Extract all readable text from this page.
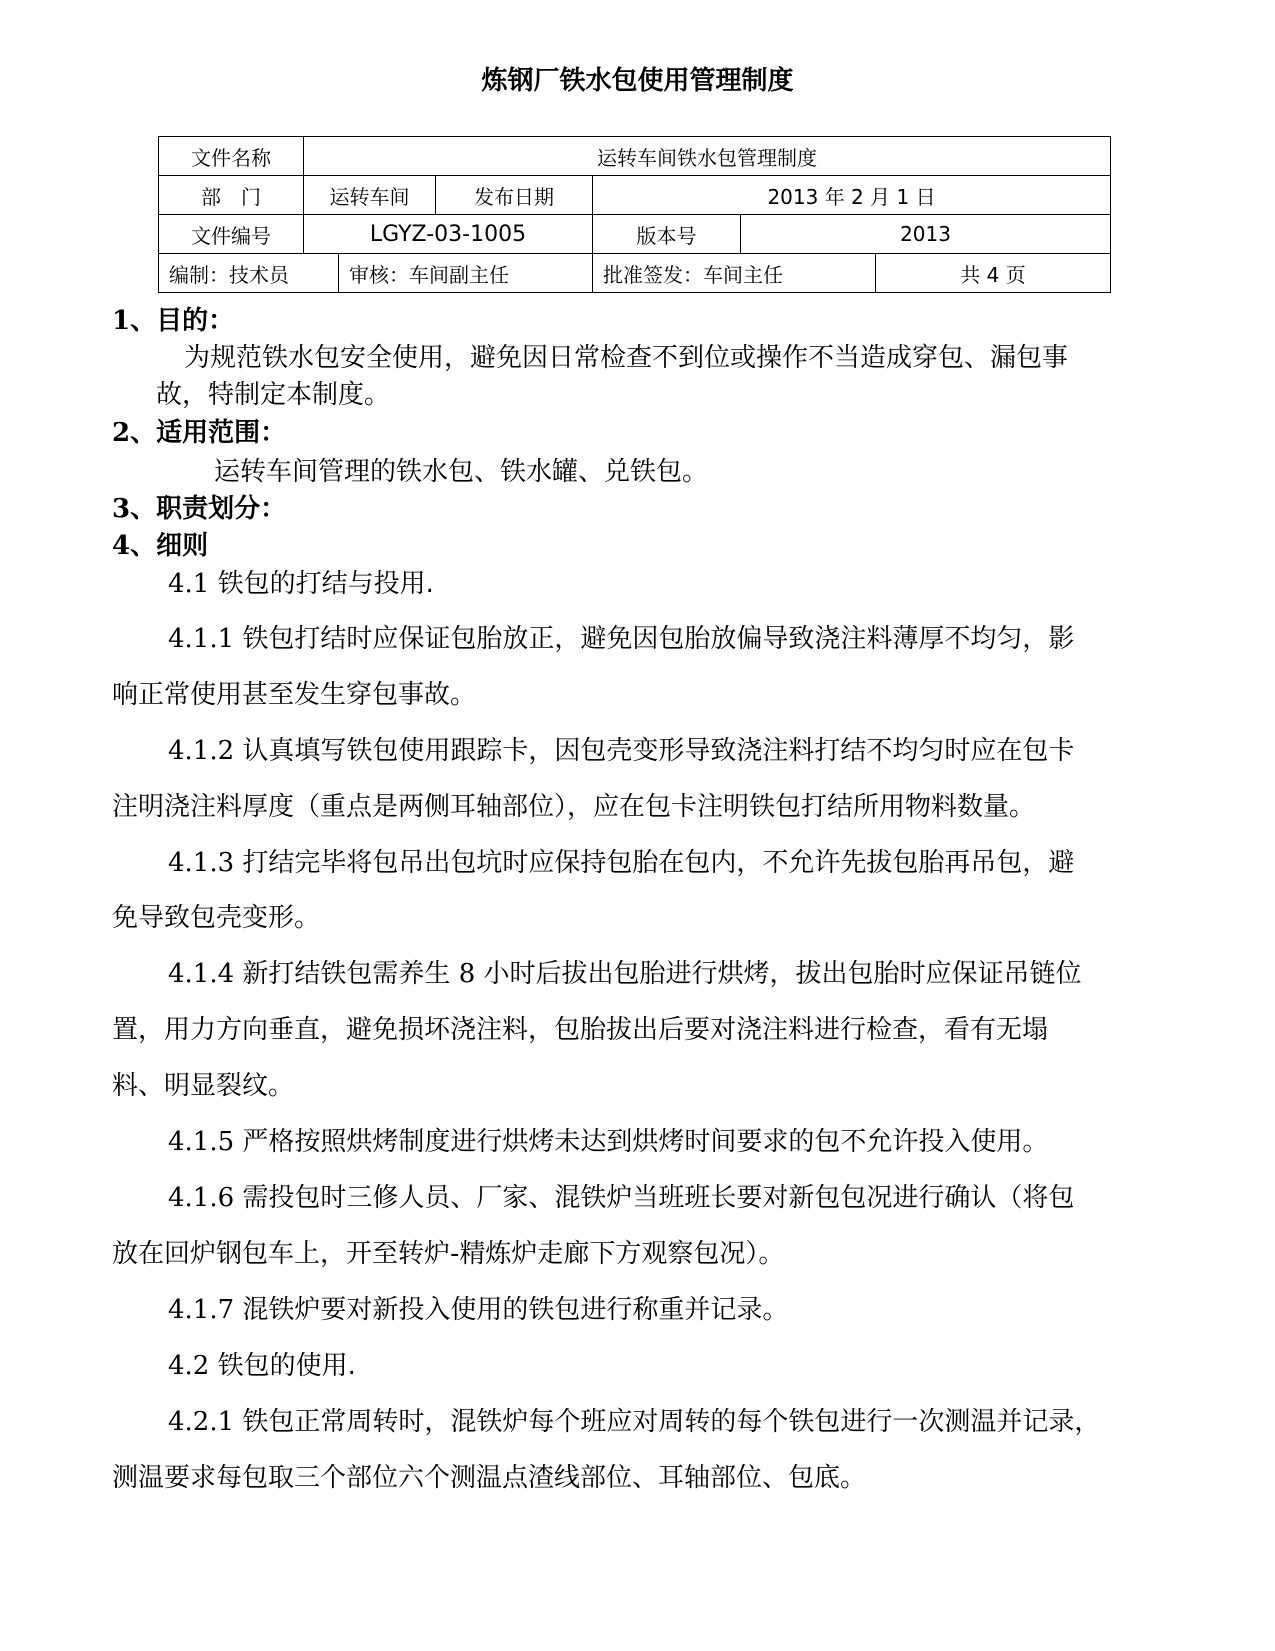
炼钢厂铁水包使用管理制度
文件名称	运转车间铁水包管理制度					
部　门	运转车间		发布日期	2013 年 2 月 1 日		
文件编号	LGYZ-03-1005			版本号	2013	
编制：技术员		审核：车间副主任		批准签发：车间主任		共 4 页
1、目的：
为规范铁水包安全使用，避免因日常检查不到位或操作不当造成穿包、漏包事
故，特制定本制度。
2、适用范围：
运转车间管理的铁水包、铁水罐、兑铁包。
3、职责划分：
4、细则
4.1 铁包的打结与投用.
4.1.1 铁包打结时应保证包胎放正，避免因包胎放偏导致浇注料薄厚不均匀，影
响正常使用甚至发生穿包事故。
4.1.2 认真填写铁包使用跟踪卡，因包壳变形导致浇注料打结不均匀时应在包卡
注明浇注料厚度（重点是两侧耳轴部位），应在包卡注明铁包打结所用物料数量。
4.1.3 打结完毕将包吊出包坑时应保持包胎在包内，不允许先拔包胎再吊包，避
免导致包壳变形。
4.1.4 新打结铁包需养生 8 小时后拔出包胎进行烘烤，拔出包胎时应保证吊链位
置，用力方向垂直，避免损坏浇注料，包胎拔出后要对浇注料进行检查，看有无塌
料、明显裂纹。
4.1.5 严格按照烘烤制度进行烘烤未达到烘烤时间要求的包不允许投入使用。
4.1.6 需投包时三修人员、厂家、混铁炉当班班长要对新包包况进行确认（将包
放在回炉钢包车上，开至转炉-精炼炉走廊下方观察包况）。
4.1.7 混铁炉要对新投入使用的铁包进行称重并记录。
4.2 铁包的使用.
4.2.1 铁包正常周转时，混铁炉每个班应对周转的每个铁包进行一次测温并记录，
测温要求每包取三个部位六个测温点渣线部位、耳轴部位、包底。
